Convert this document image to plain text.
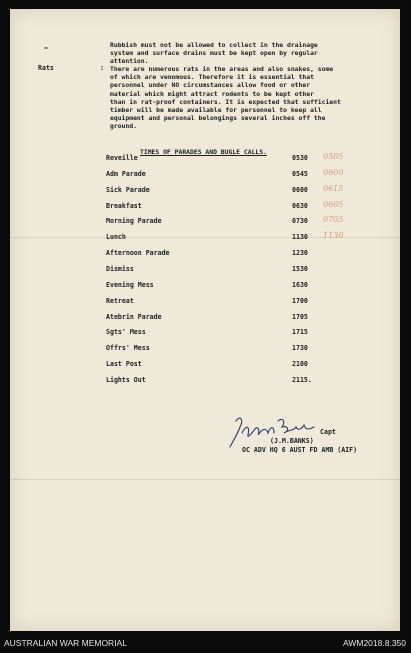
"
Rubbish must not be allowed to collect in the drainage
system and surface drains must be kept open by regular
attention.
Rats	: There are numerous rats in the areas and also snakes, some
of which are venomous. Therefore it is essential that
personnel under NO circumstances allow food or other
material which might attract rodents to be kept other
than in rat-proof containers. It is expected that sufficient
timber will be made available for personnel to keep all
equipment and personal belongings several inches off the
ground.
TIMES OF PARADES AND BUGLE CALLS.
Reveille	0530 0505
Adm Parade	0545 0600
Sick Parade	0600 0615
Breakfast	0630 0605
Morning Parade	0730 0705
Lunch	1130 1130
Afternoon Parade	1230
Dismiss	1530
Evening Mess	1630
Retreat	1700
Atebrin Parade	1705
Sgts' Mess	1715
Offrs' Mess	1730
Last Post	2100
Lights Out	2115.
Capt
(J.M.BANKS)
OC ADV HQ 6 AUST FD AMB (AIF)
AUSTRALIAN WAR MEMORIAL	AWM2018.8.350
